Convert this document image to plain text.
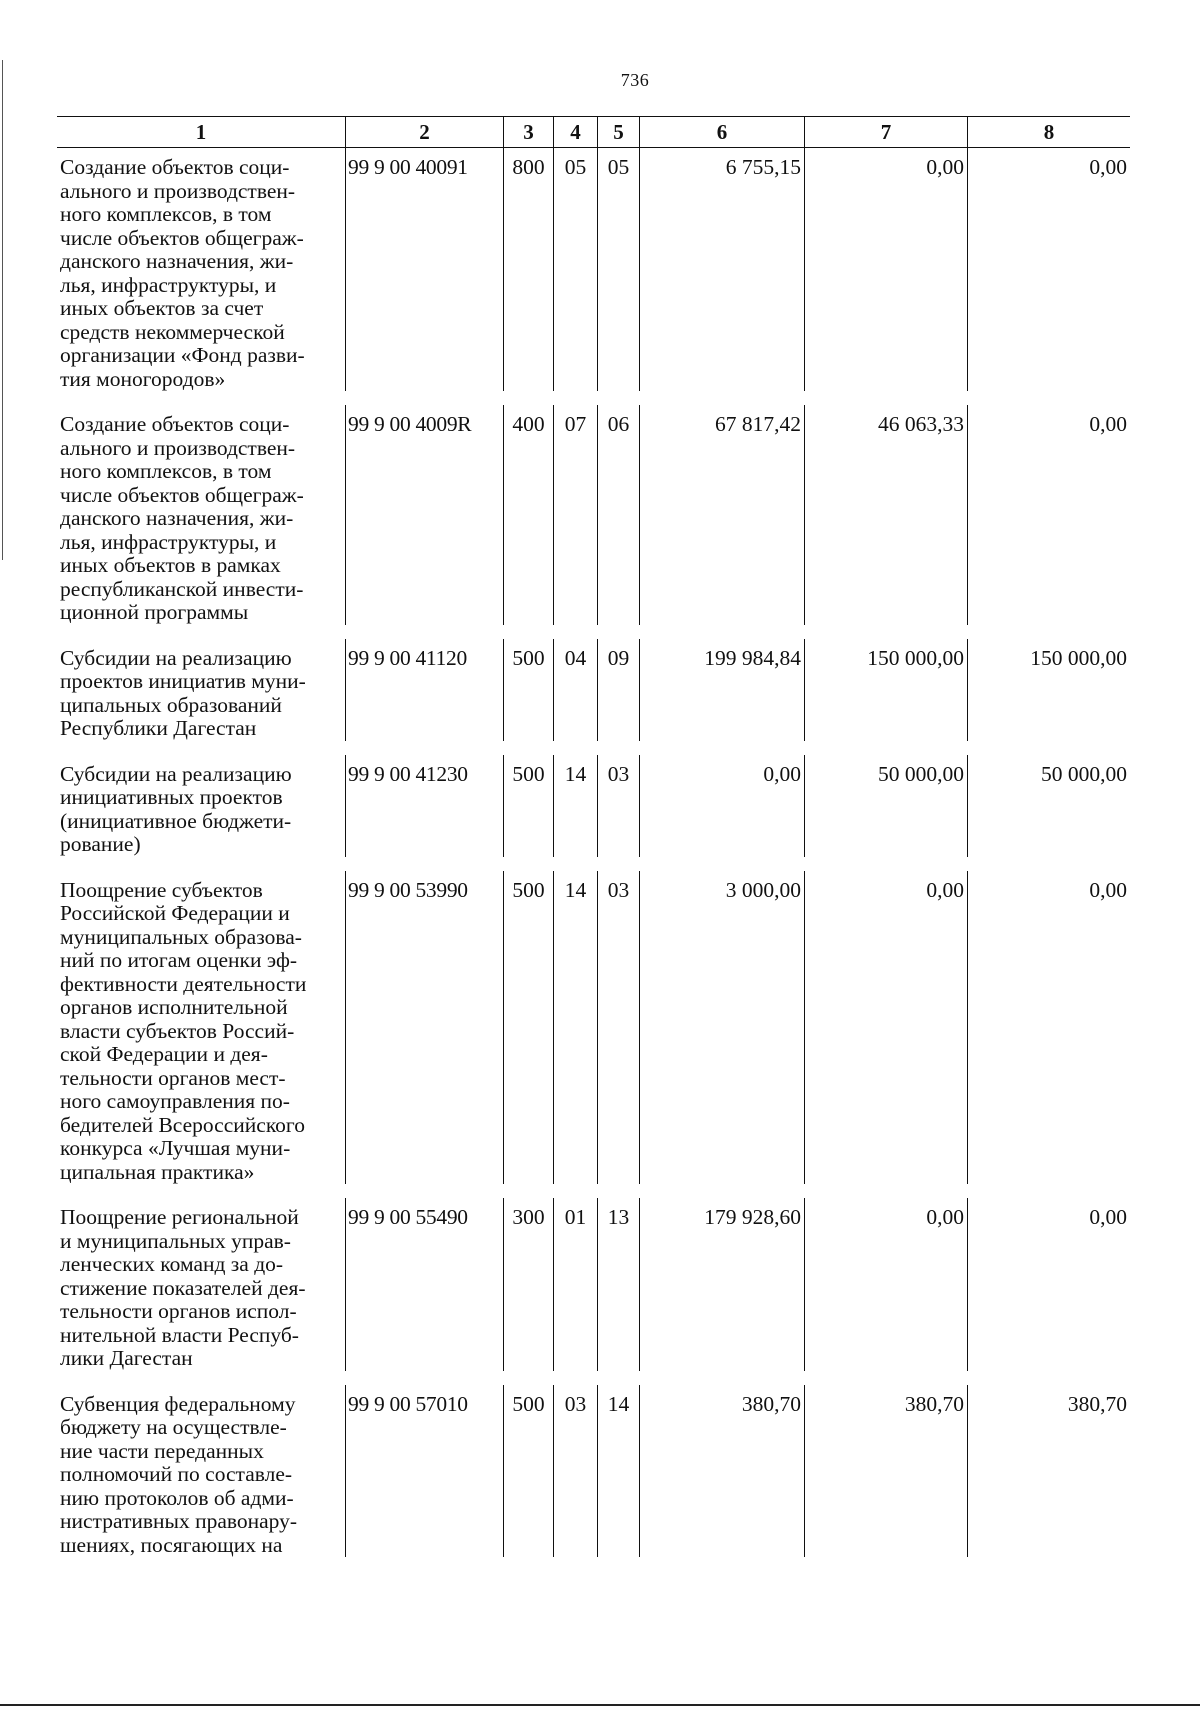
736
1	2	3	4	5	6	7	8
Создание объектов соци-
ального и производствен-
ного комплексов, в том
числе объектов общеграж-
данского назначения, жи-
лья, инфраструктуры, и
иных объектов за счет
средств некоммерческой
организации «Фонд разви-
тия моногородов»
99 9 00 40091	800 05	05	6 755,15	0,00	0,00
Создание объектов соци-
ального и производствен-
ного комплексов, в том
числе объектов общеграж-
данского назначения, жи-
лья, инфраструктуры, и
иных объектов в рамках
республиканской инвести-
ционной программы
99 9 00 4009R	400 07	06	67 817,42	46 063,33	0,00
Субсидии на реализацию
проектов инициатив муни-
ципальных образований
Республики Дагестан
99 9 00 41120	500 04	09	199 984,84	150 000,00	150 000,00
Субсидии на реализацию
инициативных проектов
(инициативное бюджети-
рование)
99 9 00 41230	500 14	03	0,00	50 000,00	50 000,00
Поощрение субъектов
Российской Федерации и
муниципальных образова-
ний по итогам оценки эф-
фективности деятельности
органов исполнительной
власти субъектов Россий-
ской Федерации и дея-
тельности органов мест-
ного самоуправления по-
бедителей Всероссийского
конкурса «Лучшая муни-
ципальная практика»
99 9 00 53990	500 14	03	3 000,00	0,00	0,00
Поощрение региональной
и муниципальных управ-
ленческих команд за до-
стижение показателей дея-
тельности органов испол-
нительной власти Респуб-
лики Дагестан
99 9 00 55490	300 01	13	179 928,60	0,00	0,00
Субвенция федеральному
бюджету на осуществле-
ние части переданных
полномочий по составле-
нию протоколов об адми-
нистративных правонару-
шениях, посягающих на
99 9 00 57010	500 03	14	380,70	380,70	380,70
